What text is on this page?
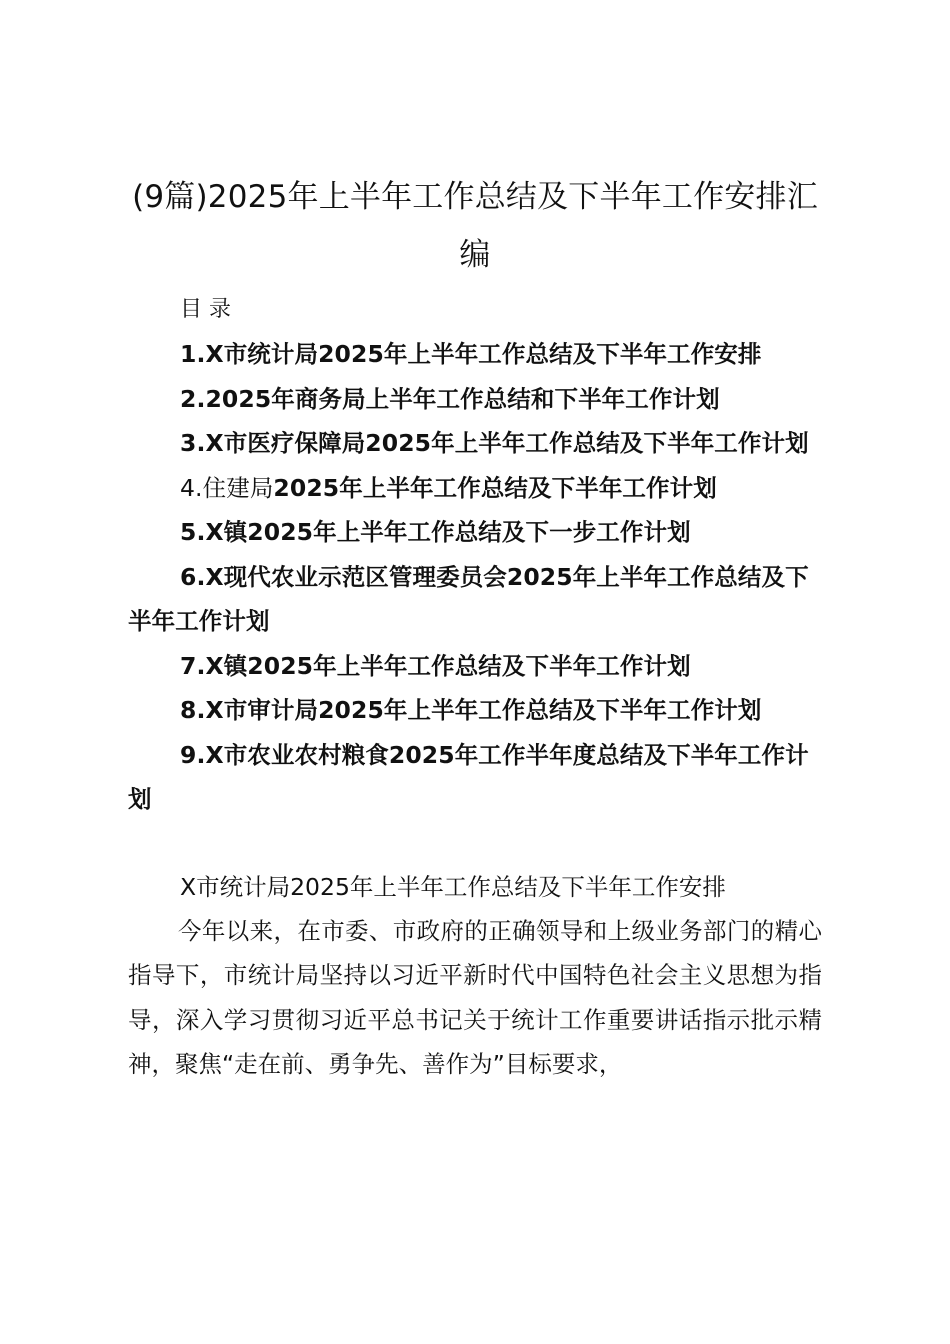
(9篇)2025年上半年工作总结及下半年工作安排汇编
目 录
1.X市统计局2025年上半年工作总结及下半年工作安排
2.2025年商务局上半年工作总结和下半年工作计划
3.X市医疗保障局2025年上半年工作总结及下半年工作计划
4.住建局2025年上半年工作总结及下半年工作计划
5.X镇2025年上半年工作总结及下一步工作计划
6.X现代农业示范区管理委员会2025年上半年工作总结及下半年工作计划
7.X镇2025年上半年工作总结及下半年工作计划
8.X市审计局2025年上半年工作总结及下半年工作计划
9.X市农业农村粮食2025年工作半年度总结及下半年工作计划

X市统计局2025年上半年工作总结及下半年工作安排

今年以来，在市委、市政府的正确领导和上级业务部门的精心指导下，市统计局坚持以习近平新时代中国特色社会主义思想为指导，深入学习贯彻习近平总书记关于统计工作重要讲话指示批示精神，聚焦“走在前、勇争先、善作为”目标要求，
